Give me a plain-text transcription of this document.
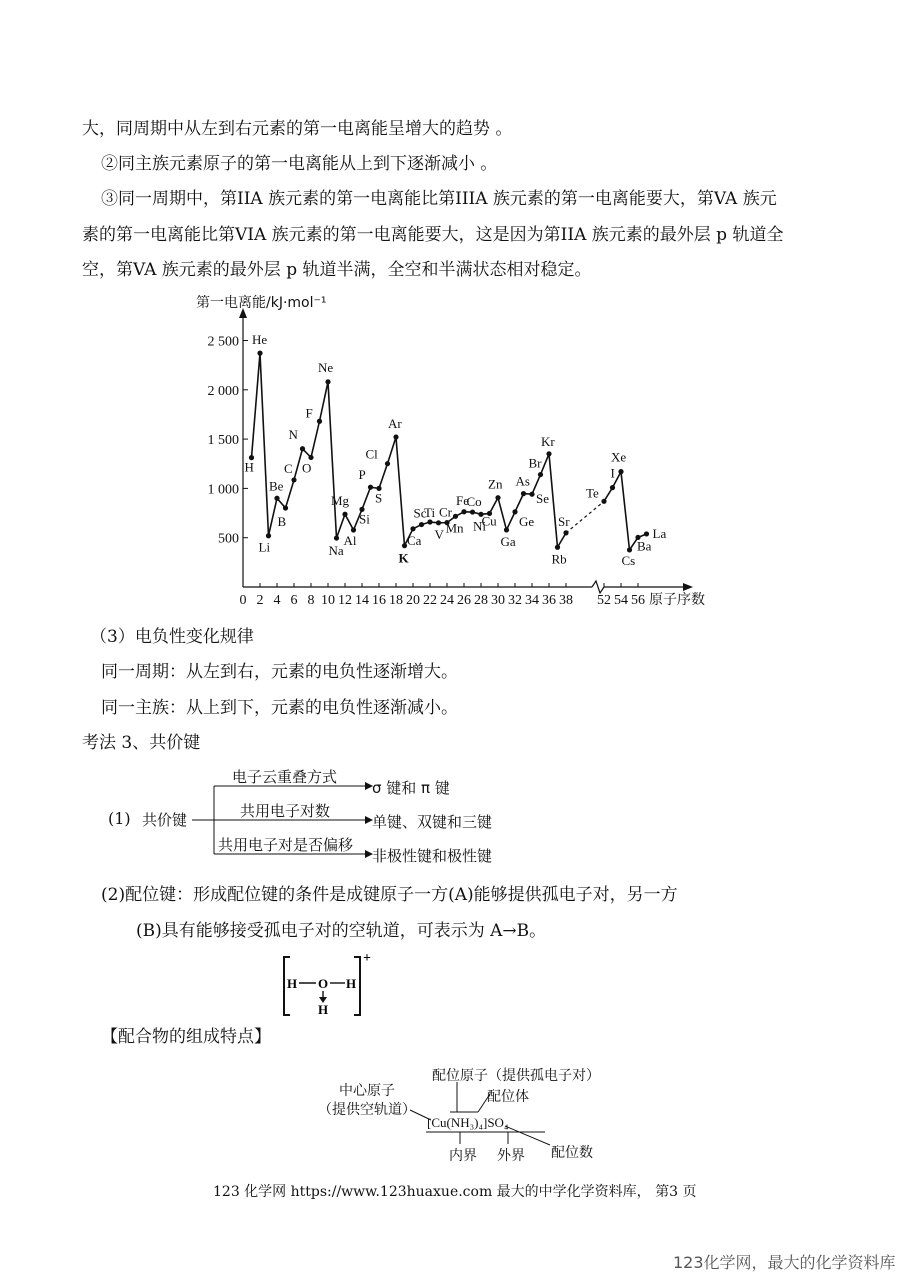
大，同周期中从左到右元素的第一电离能呈增大的趋势 。
②同主族元素原子的第一电离能从上到下逐渐减小 。
③同一周期中，第IIA 族元素的第一电离能比第IIIA 族元素的第一电离能要大，第VA 族元
素的第一电离能比第VIA 族元素的第一电离能要大，这是因为第IIA 族元素的最外层 p 轨道全
空，第VA 族元素的最外层 p 轨道半满，全空和半满状态相对稳定。
第一电离能/kJ·mol⁻¹
2 500
2 000
1 500
1 000
500
0 2 4 6 8 10 12 14 16 18 20 22 24 26 28 30 32 34 36 38 52 54 56 原子序数
H
He
Li
Be
B
C
N
O
F
Ne
Na
Mg
Al
Si
P
S
Cl
Ar
K
Ca
Sc
Ti
V
Cr
Mn
Fe
Co
Ni
Cu
Zn
Ga
Ge
As
Se
Br
Kr
Rb
Sr
Te
I
Xe
Cs
Ba
La
（3）电负性变化规律
同一周期：从左到右，元素的电负性逐渐增大。
同一主族：从上到下，元素的电负性逐渐减小。
考法 3、共价键
(1) 共价键
电子云重叠方式
共用电子对数
共用电子对是否偏移
σ 键和 π 键
单键、双键和三键
非极性键和极性键
(2)配位键：形成配位键的条件是成键原子一方(A)能够提供孤电子对，另一方
(B)具有能够接受孤电子对的空轨道，可表示为 A→B。
H O H
H
+
【配合物的组成特点】
配位原子（提供孤电子对）
中心原子
（提供空轨道）
配位体
[Cu(NH₃)₄]SO₄
内界 外界 配位数
123 化学网 https://www.123huaxue.com 最大的中学化学资料库， 第3 页
123化学网，最大的化学资料库
